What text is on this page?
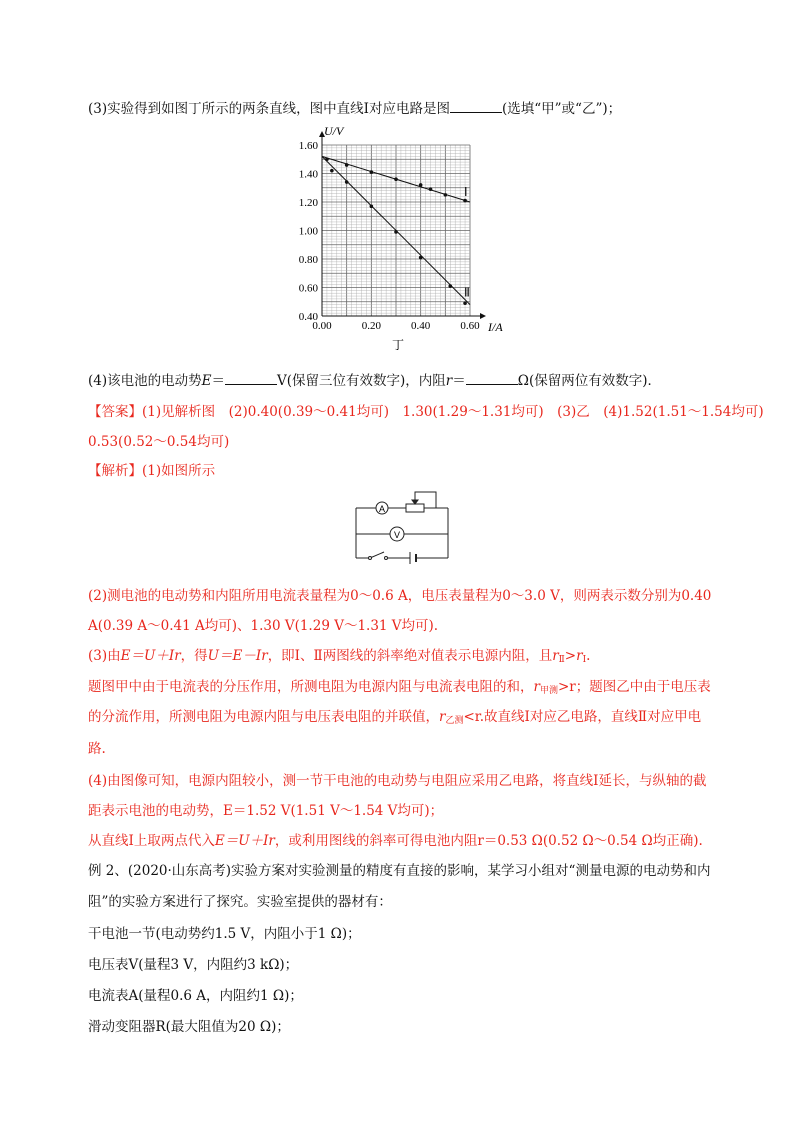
(3)实验得到如图丁所示的两条直线，图中直线Ⅰ对应电路是图	(选填“甲”或“乙”)；
0.00	0.20	0.40	0.60
0.40
0.60
0.80
1.00
1.20
1.40
1.60
Ⅰ
Ⅱ
I/A
U/V
丁
(4)该电池的电动势E＝	V(保留三位有效数字)，内阻r＝	Ω(保留两位有效数字)．
【答案】(1)见解析图　(2)0.40(0.39～0.41均可)　1.30(1.29～1.31均可)　(3)乙　(4)1.52(1.51～1.54均可)
0.53(0.52～0.54均可)
【解析】(1)如图所示
A
V
(2)测电池的电动势和内阻所用电流表量程为0～0.6 A，电压表量程为0～3.0 V，则两表示数分别为0.40
A(0.39 A～0.41 A均可)、1.30 V(1.29 V～1.31 V均可).
(3)由E＝U＋Ir，得U＝E－Ir，即Ⅰ、Ⅱ两图线的斜率绝对值表示电源内阻，且$r_Ⅱ>r_Ⅰ$.
题图甲中由于电流表的分压作用，所测电阻为电源内阻与电流表电阻的和，$r_{甲测}>r$；题图乙中由于电压表
的分流作用，所测电阻为电源内阻与电压表电阻的并联值，$r_{乙测}<r$.故直线Ⅰ对应乙电路，直线Ⅱ对应甲电
路.
(4)由图像可知，电源内阻较小，测一节干电池的电动势与电阻应采用乙电路，将直线Ⅰ延长，与纵轴的截
距表示电池的电动势，E＝1.52 V(1.51 V～1.54 V均可)；
从直线Ⅰ上取两点代入E＝U＋Ir，或利用图线的斜率可得电池内阻r＝0.53 Ω(0.52 Ω～0.54 Ω均正确).
例 2、(2020·山东高考)实验方案对实验测量的精度有直接的影响，某学习小组对“测量电源的电动势和内
阻”的实验方案进行了探究。实验室提供的器材有：
干电池一节(电动势约1.5 V，内阻小于1 Ω)；
电压表V(量程3 V，内阻约3 kΩ)；
电流表A(量程0.6 A，内阻约1 Ω)；
滑动变阻器R(最大阻值为20 Ω)；
